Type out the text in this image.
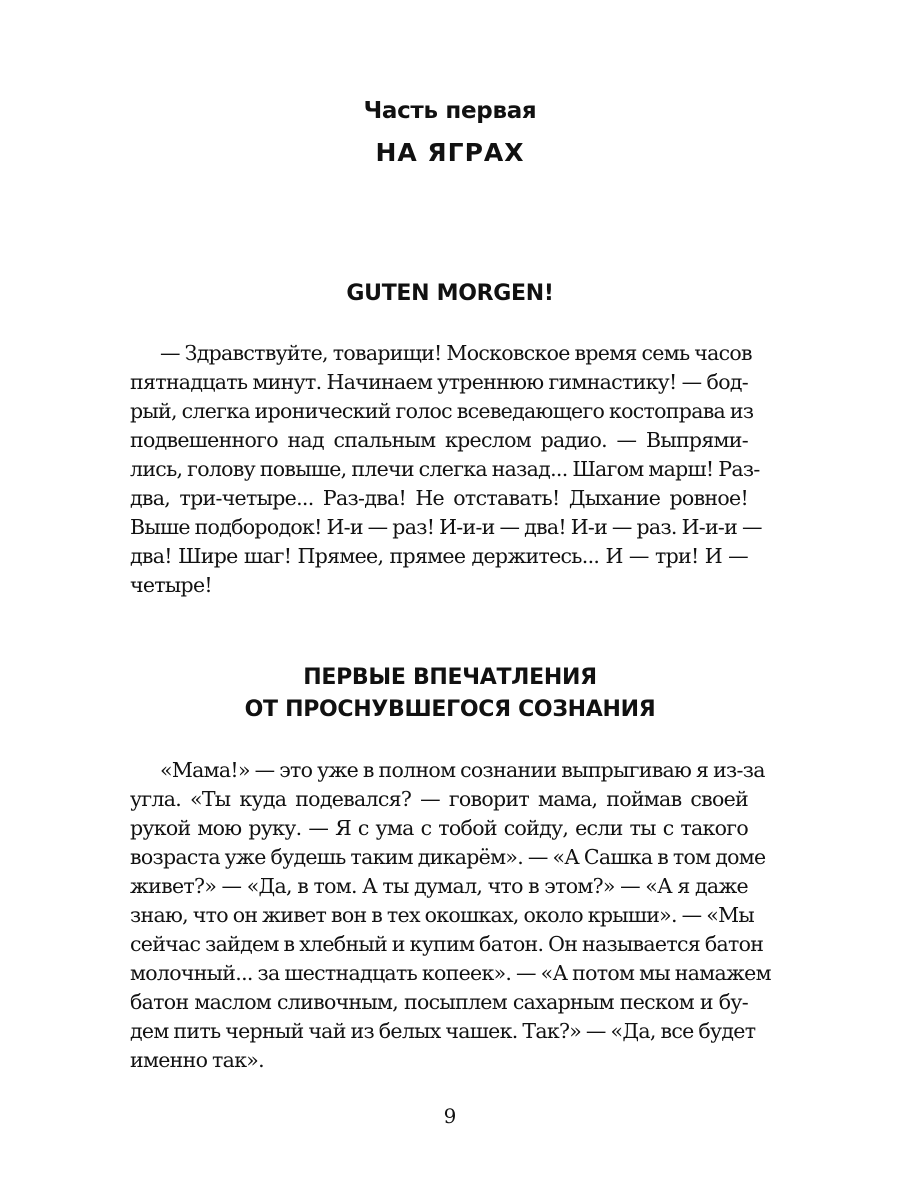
Часть первая
НА ЯГРАХ
GUTEN MORGEN!
— Здравствуйте, товарищи! Московское время семь часов
пятнадцать минут. Начинаем утреннюю гимнастику! — бод-
рый, слегка иронический голос всеведающего костоправа из
подвешенного над спальным креслом радио. — Выпрями-
лись, голову повыше, плечи слегка назад... Шагом марш! Раз-
два, три-четыре... Раз-два! Не отставать! Дыхание ровное!
Выше подбородок! И-и — раз! И-и-и — два! И-и — раз. И-и-и —
два! Шире шаг! Прямее, прямее держитесь... И — три! И —
четыре!
ПЕРВЫЕ ВПЕЧАТЛЕНИЯ
ОТ ПРОСНУВШЕГОСЯ СОЗНАНИЯ
«Мама!» — это уже в полном сознании выпрыгиваю я из-за
угла. «Ты куда подевался? — говорит мама, поймав своей
рукой мою руку. — Я с ума с тобой сойду, если ты с такого
возраста уже будешь таким дикарём». — «А Сашка в том доме
живет?» — «Да, в том. А ты думал, что в этом?» — «А я даже
знаю, что он живет вон в тех окошках, около крыши». — «Мы
сейчас зайдем в хлебный и купим батон. Он называется батон
молочный... за шестнадцать копеек». — «А потом мы намажем
батон маслом сливочным, посыплем сахарным песком и бу-
дем пить черный чай из белых чашек. Так?» — «Да, все будет
именно так».
9
